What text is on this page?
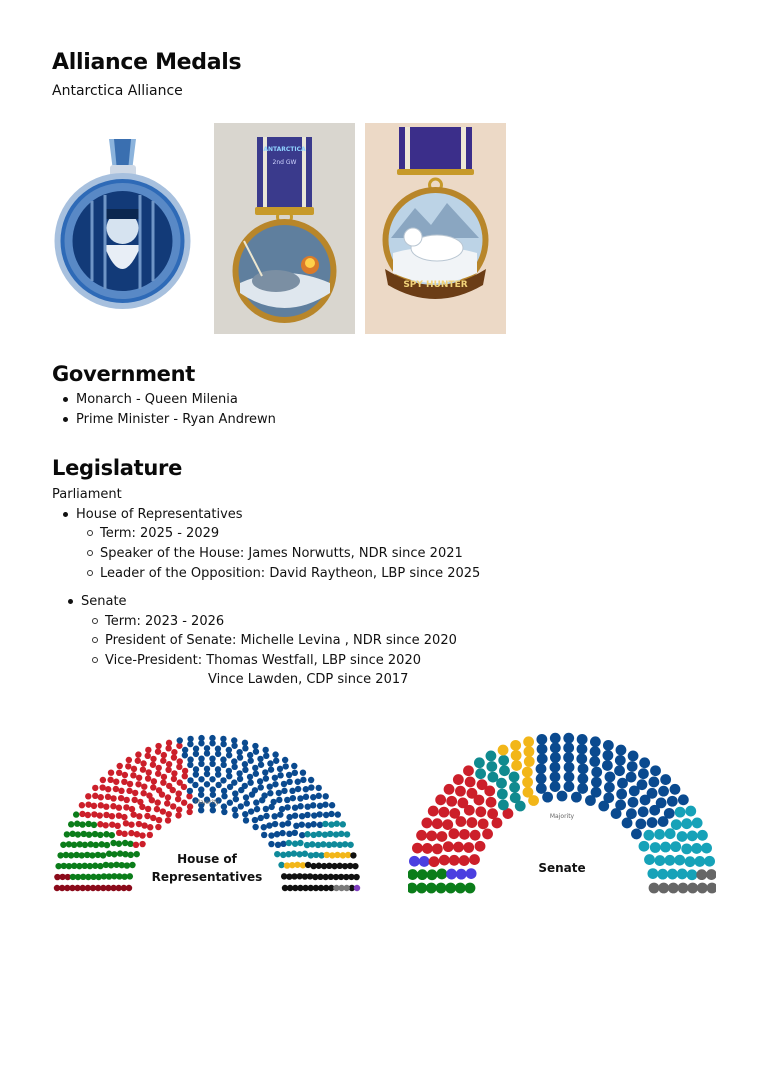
Alliance Medals
Antarctica Alliance
ANTARCTICA
2nd GW
SPY HUNTER
Government
Monarch - Queen Milenia
Prime Minister - Ryan Andrewn
Legislature
Parliament
House of Representatives
Term: 2025 - 2029
Speaker of the House: James Norwutts, NDR since 2021
Leader of the Opposition: David Raytheon, LBP since 2025
Senate
Term: 2023 - 2026
President of Senate: Michelle Levina , NDR since 2020
Vice-President: Thomas Westfall, LBP since 2020
Vince Lawden, CDP since 2017
Majority
House of
Representatives
Majority
Senate
